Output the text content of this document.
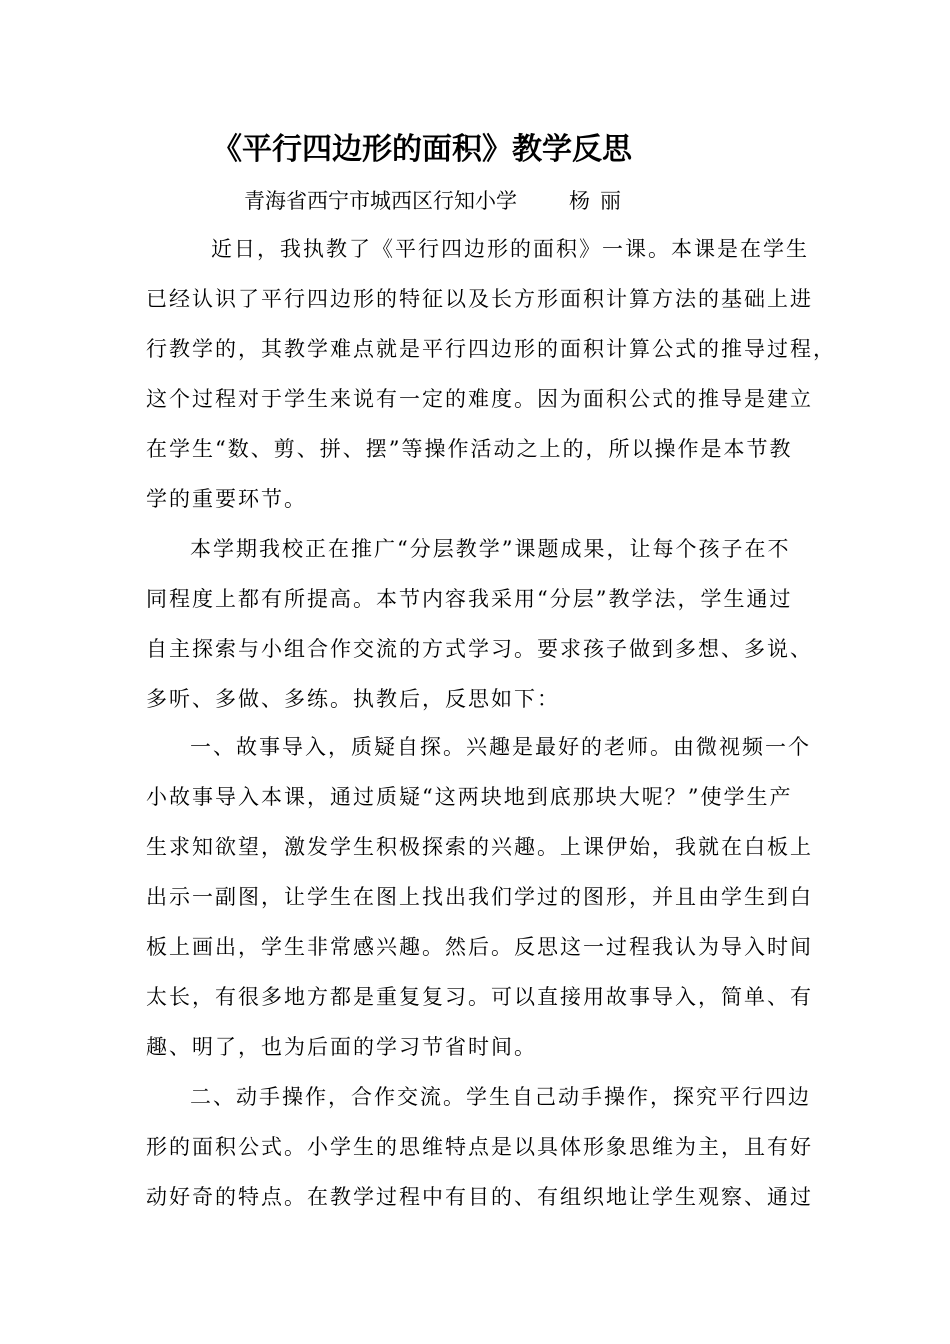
《平行四边形的面积》教学反思
青海省西宁市城西区行知小学 杨丽
　近日，我执教了《平行四边形的面积》一课。本课是在学生
已经认识了平行四边形的特征以及长方形面积计算方法的基础上进
行教学的，其教学难点就是平行四边形的面积计算公式的推导过程，
这个过程对于学生来说有一定的难度。因为面积公式的推导是建立
在学生“数、剪、拼、摆”等操作活动之上的，所以操作是本节教
学的重要环节。
　本学期我校正在推广“分层教学”课题成果，让每个孩子在不
同程度上都有所提高。本节内容我采用“分层”教学法，学生通过
自主探索与小组合作交流的方式学习。要求孩子做到多想、多说、
多听、多做、多练。执教后，反思如下：
　一、故事导入，质疑自探。兴趣是最好的老师。由微视频一个
小故事导入本课，通过质疑“这两块地到底那块大呢？”使学生产
生求知欲望，激发学生积极探索的兴趣。上课伊始，我就在白板上
出示一副图，让学生在图上找出我们学过的图形，并且由学生到白
板上画出，学生非常感兴趣。然后。反思这一过程我认为导入时间
太长，有很多地方都是重复复习。可以直接用故事导入，简单、有
趣、明了，也为后面的学习节省时间。
　二、动手操作，合作交流。学生自己动手操作，探究平行四边
形的面积公式。小学生的思维特点是以具体形象思维为主，且有好
动好奇的特点。在教学过程中有目的、有组织地让学生观察、通过
